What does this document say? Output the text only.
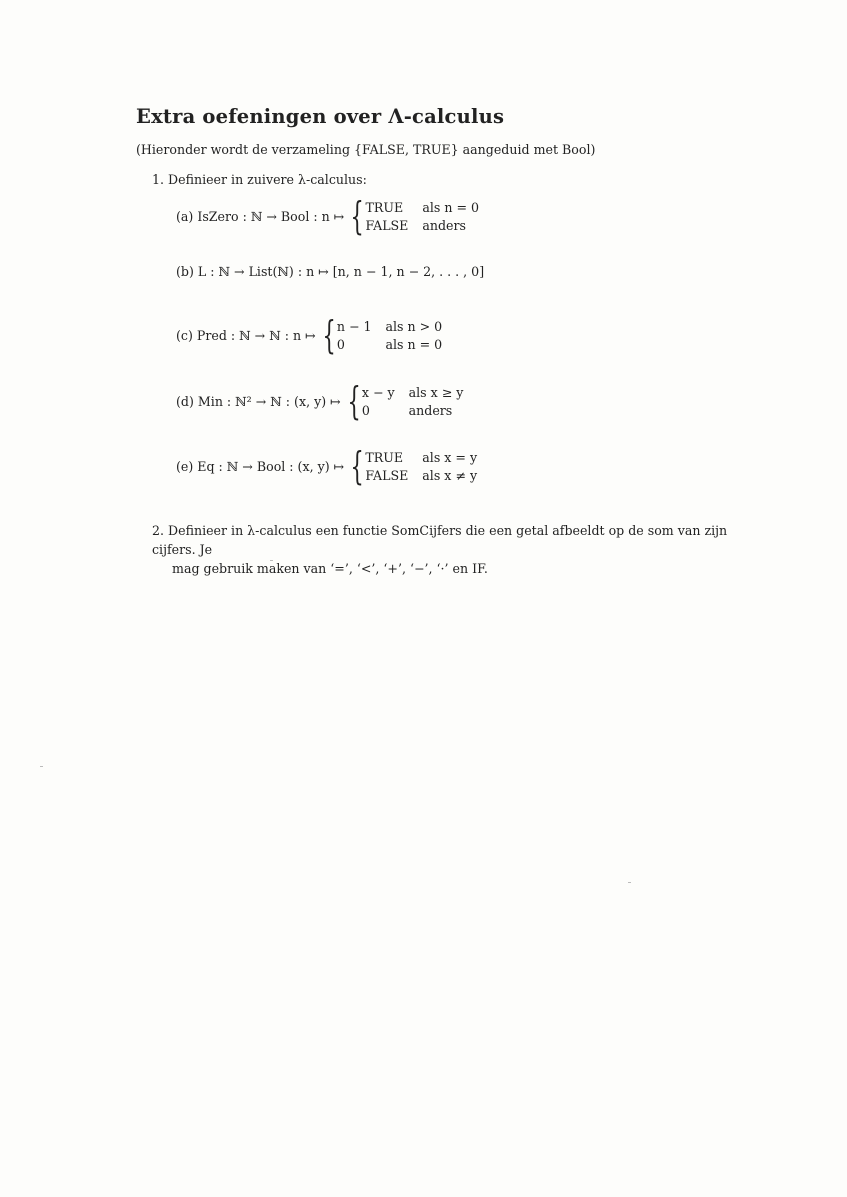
Extra oefeningen over Λ-calculus
(Hieronder wordt de verzameling {FALSE, TRUE} aangeduid met Bool)
1. Definieer in zuivere λ-calculus:
(a) IsZero : ℕ → Bool : n ↦ { TRUE	als n = 0
FALSE anders
(b) L : ℕ → List(ℕ) : n ↦ [n, n − 1, n − 2, . . . , 0]
(c) Pred : ℕ → ℕ : n ↦ { n − 1 als n > 0
0	als n = 0
(d) Min : ℕ² → ℕ : (x, y) ↦ { x − y als x ≥ y
0	anders
(e) Eq : ℕ → Bool : (x, y) ↦ { TRUE	als x = y
FALSE als x ≠ y
2. Definieer in λ-calculus een functie SomCijfers die een getal afbeeldt op de som van zijn cijfers. Je
mag gebruik maken van ‘=’, ‘<’, ‘+’, ‘−’, ‘·’ en IF.
